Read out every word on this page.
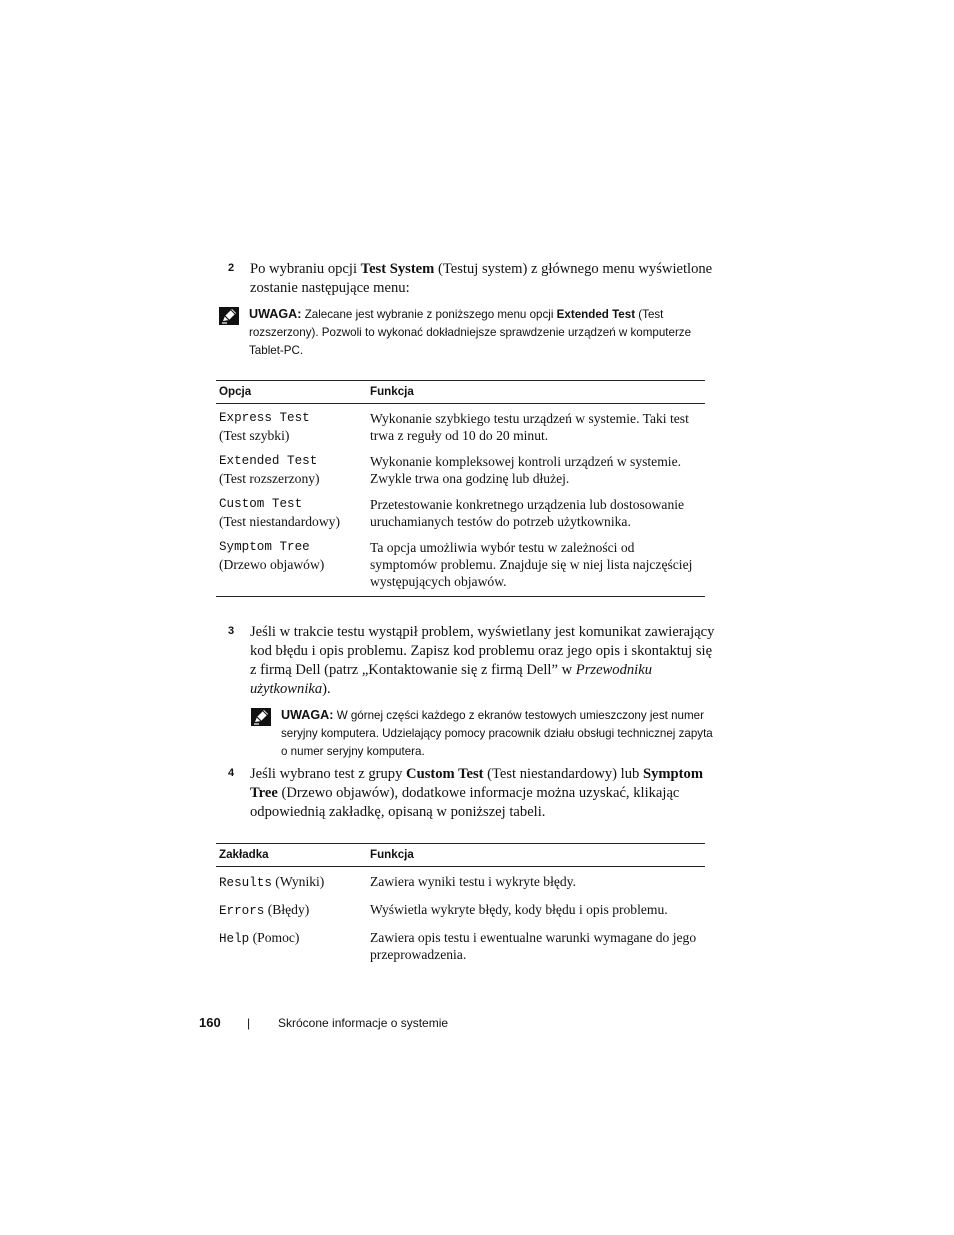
2 Po wybraniu opcji Test System (Testuj system) z głównego menu wyświetlone zostanie następujące menu:
UWAGA: Zalecane jest wybranie z poniższego menu opcji Extended Test (Test rozszerzony). Pozwoli to wykonać dokładniejsze sprawdzenie urządzeń w komputerze Tablet-PC.
Opcja	Funkcja

Express Test
(Test szybki)	Wykonanie szybkiego testu urządzeń w systemie. Taki test trwa z reguły od 10 do 20 minut.

Extended Test
(Test rozszerzony)	Wykonanie kompleksowej kontroli urządzeń w systemie. Zwykle trwa ona godzinę lub dłużej.

Custom Test
(Test niestandardowy)	Przetestowanie konkretnego urządzenia lub dostosowanie uruchamianych testów do potrzeb użytkownika.

Symptom Tree
(Drzewo objawów)	Ta opcja umożliwia wybór testu w zależności od symptomów problemu. Znajduje się w niej lista najczęściej występujących objawów.
3 Jeśli w trakcie testu wystąpił problem, wyświetlany jest komunikat zawierający kod błędu i opis problemu. Zapisz kod problemu oraz jego opis i skontaktuj się z firmą Dell (patrz „Kontaktowanie się z firmą Dell” w Przewodniku użytkownika).
UWAGA: W górnej części każdego z ekranów testowych umieszczony jest numer seryjny komputera. Udzielający pomocy pracownik działu obsługi technicznej zapyta o numer seryjny komputera.
4 Jeśli wybrano test z grupy Custom Test (Test niestandardowy) lub Symptom Tree (Drzewo objawów), dodatkowe informacje można uzyskać, klikając odpowiednią zakładkę, opisaną w poniższej tabeli.
Zakładka	Funkcja
Results (Wyniki)	Zawiera wyniki testu i wykryte błędy.
Errors (Błędy)	Wyświetla wykryte błędy, kody błędu i opis problemu.
Help (Pomoc)	Zawiera opis testu i ewentualne warunki wymagane do jego przeprowadzenia.
160 | Skrócone informacje o systemie
